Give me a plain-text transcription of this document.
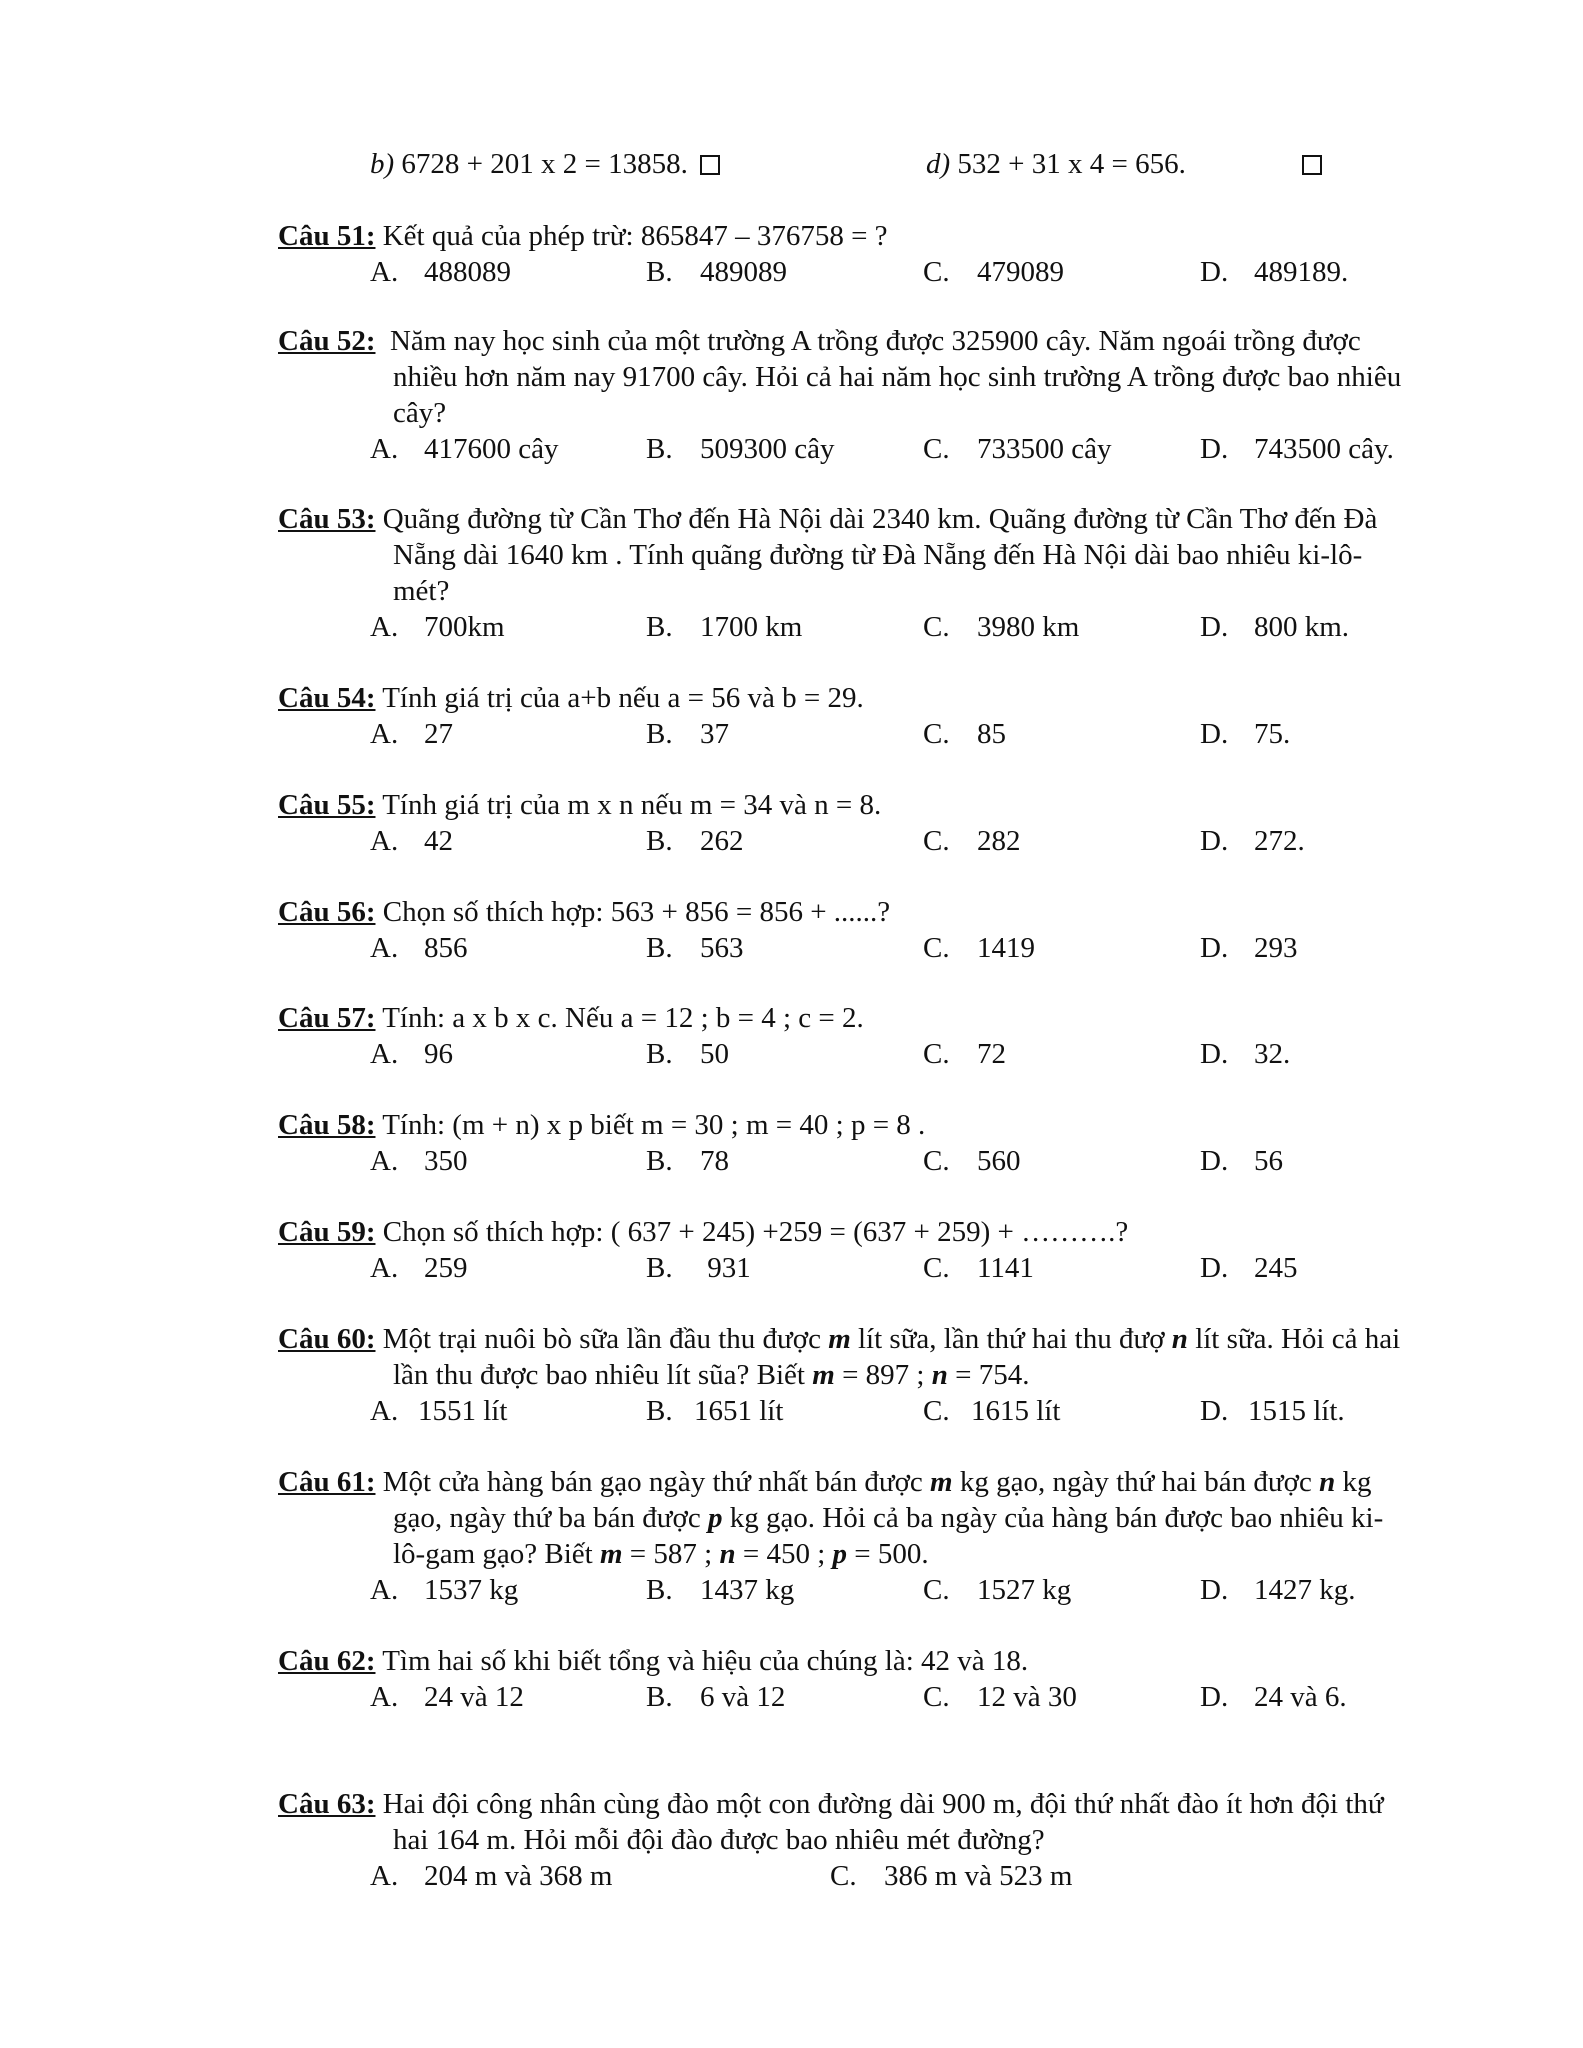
b) 6728 + 201 x 2 = 13858.	d) 532 + 31 x 4 = 656.
Câu 51: Kết quả của phép trừ: 865847 – 376758 = ?
A. 488089	B. 489089	C. 479089	D. 489189.
Câu 52: Năm nay học sinh của một trường A trồng được 325900 cây. Năm ngoái trồng được
nhiều hơn năm nay 91700 cây. Hỏi cả hai năm học sinh trường A trồng được bao nhiêu
cây?
A. 417600 cây	B. 509300 cây	C. 733500 cây	D. 743500 cây.
Câu 53: Quãng đường từ Cần Thơ đến Hà Nội dài 2340 km. Quãng đường từ Cần Thơ đến Đà
Nẵng dài 1640 km . Tính quãng đường từ Đà Nẵng đến Hà Nội dài bao nhiêu ki-lô-
mét?
A. 700km	B. 1700 km	C. 3980 km	D. 800 km.
Câu 54: Tính giá trị của a+b nếu a = 56 và b = 29.
A. 27	B. 37	C. 85	D. 75.
Câu 55: Tính giá trị của m x n nếu m = 34 và n = 8.
A. 42	B. 262	C. 282	D. 272.
Câu 56: Chọn số thích hợp: 563 + 856 = 856 + ......?
A. 856	B. 563	C. 1419	D. 293
Câu 57: Tính: a x b x c. Nếu a = 12 ; b = 4 ; c = 2.
A. 96	B. 50	C. 72	D. 32.
Câu 58: Tính: (m + n) x p biết m = 30 ; m = 40 ; p = 8 .
A. 350	B. 78	C. 560	D. 56
Câu 59: Chọn số thích hợp: ( 637 + 245) +259 = (637 + 259) + ……….?
A. 259	B. 931	C. 1141	D. 245
Câu 60: Một trại nuôi bò sữa lần đầu thu được m lít sữa, lần thứ hai thu đượ n lít sữa. Hỏi cả hai
lần thu được bao nhiêu lít sũa? Biết m = 897 ; n = 754.
A. 1551 lít	B. 1651 lít	C. 1615 lít	D. 1515 lít.
Câu 61: Một cửa hàng bán gạo ngày thứ nhất bán được m kg gạo, ngày thứ hai bán được n kg
gạo, ngày thứ ba bán được p kg gạo. Hỏi cả ba ngày của hàng bán được bao nhiêu ki-
lô-gam gạo? Biết m = 587 ; n = 450 ; p = 500.
A. 1537 kg	B. 1437 kg	C. 1527 kg	D. 1427 kg.
Câu 62: Tìm hai số khi biết tổng và hiệu của chúng là: 42 và 18.
A. 24 và 12	B. 6 và 12	C. 12 và 30	D. 24 và 6.
Câu 63: Hai đội công nhân cùng đào một con đường dài 900 m, đội thứ nhất đào ít hơn đội thứ
hai 164 m. Hỏi mỗi đội đào được bao nhiêu mét đường?
A. 204 m và 368 m	C. 386 m và 523 m
